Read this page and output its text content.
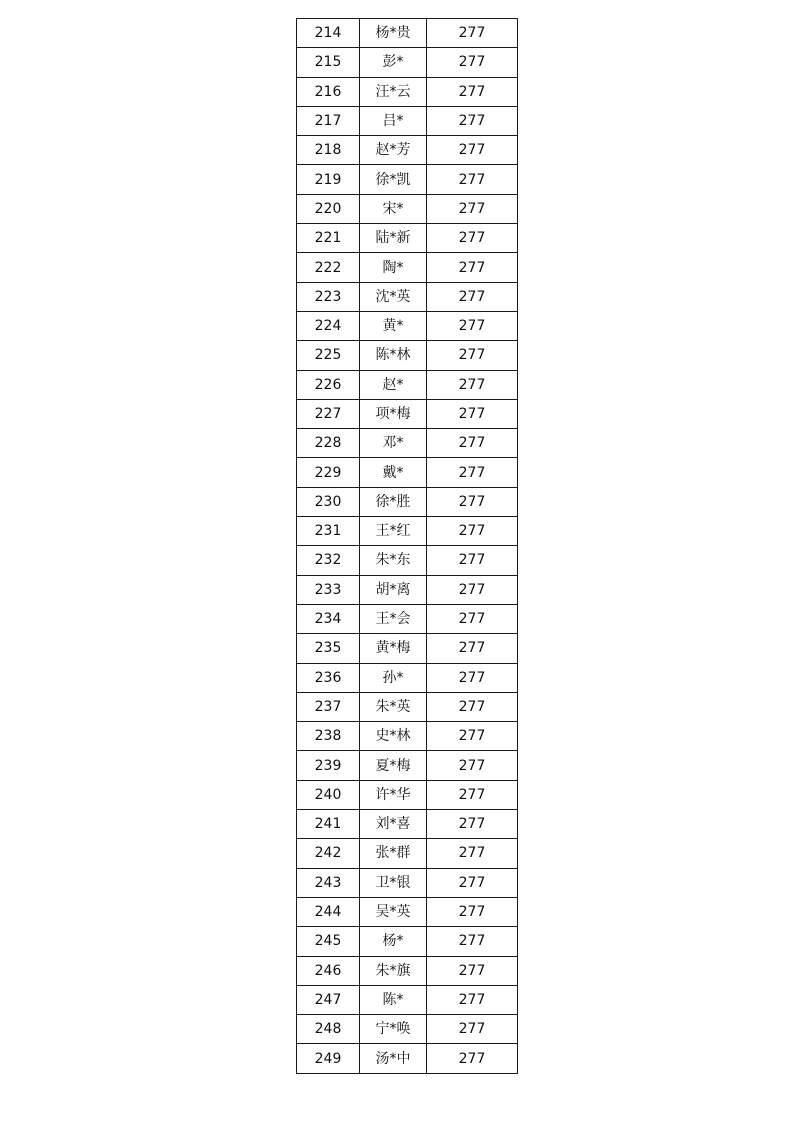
214	杨*贵	277
215	彭*	277
216	汪*云	277
217	吕*	277
218	赵*芳	277
219	徐*凯	277
220	宋*	277
221	陆*新	277
222	陶*	277
223	沈*英	277
224	黄*	277
225	陈*林	277
226	赵*	277
227	项*梅	277
228	邓*	277
229	戴*	277
230	徐*胜	277
231	王*红	277
232	朱*东	277
233	胡*离	277
234	王*会	277
235	黄*梅	277
236	孙*	277
237	朱*英	277
238	史*林	277
239	夏*梅	277
240	许*华	277
241	刘*喜	277
242	张*群	277
243	卫*银	277
244	吴*英	277
245	杨*	277
246	朱*旗	277
247	陈*	277
248	宁*唤	277
249	汤*中	277
